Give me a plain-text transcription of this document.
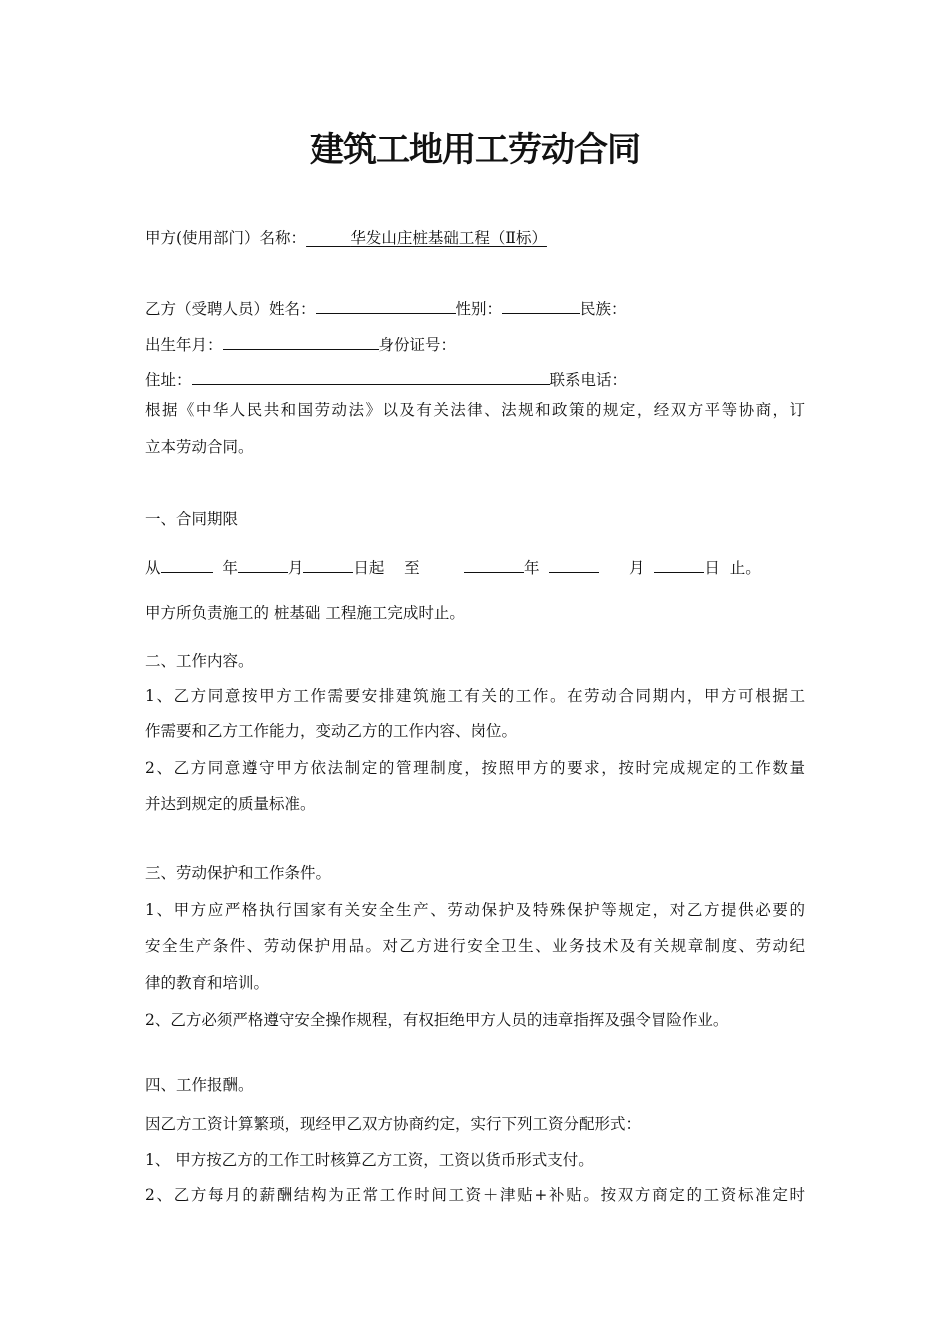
建筑工地用工劳动合同
甲方(使用部门）名称：	华发山庄桩基础工程（Ⅱ标）
乙方（受聘人员）姓名：	性别：	民族：
出生年月：	身份证号：
住址：	联系电话：
根据《中华人民共和国劳动法》以及有关法律、法规和政策的规定，经双方平等协商，订
立本劳动合同。
一、合同期限
从	年	月	日起 至	年	月	日 止。
甲方所负责施工的 桩基础 工程施工完成时止。
二、工作内容。
1、乙方同意按甲方工作需要安排建筑施工有关的工作。在劳动合同期内，甲方可根据工
作需要和乙方工作能力，变动乙方的工作内容、岗位。
2、乙方同意遵守甲方依法制定的管理制度，按照甲方的要求，按时完成规定的工作数量
并达到规定的质量标准。
三、劳动保护和工作条件。
1、甲方应严格执行国家有关安全生产、劳动保护及特殊保护等规定，对乙方提供必要的
安全生产条件、劳动保护用品。对乙方进行安全卫生、业务技术及有关规章制度、劳动纪
律的教育和培训。
2、乙方必须严格遵守安全操作规程，有权拒绝甲方人员的违章指挥及强令冒险作业。
四、工作报酬。
因乙方工资计算繁琐，现经甲乙双方协商约定，实行下列工资分配形式：
1、 甲方按乙方的工作工时核算乙方工资，工资以货币形式支付。
2、乙方每月的薪酬结构为正常工作时间工资＋津贴+补贴。按双方商定的工资标准定时
